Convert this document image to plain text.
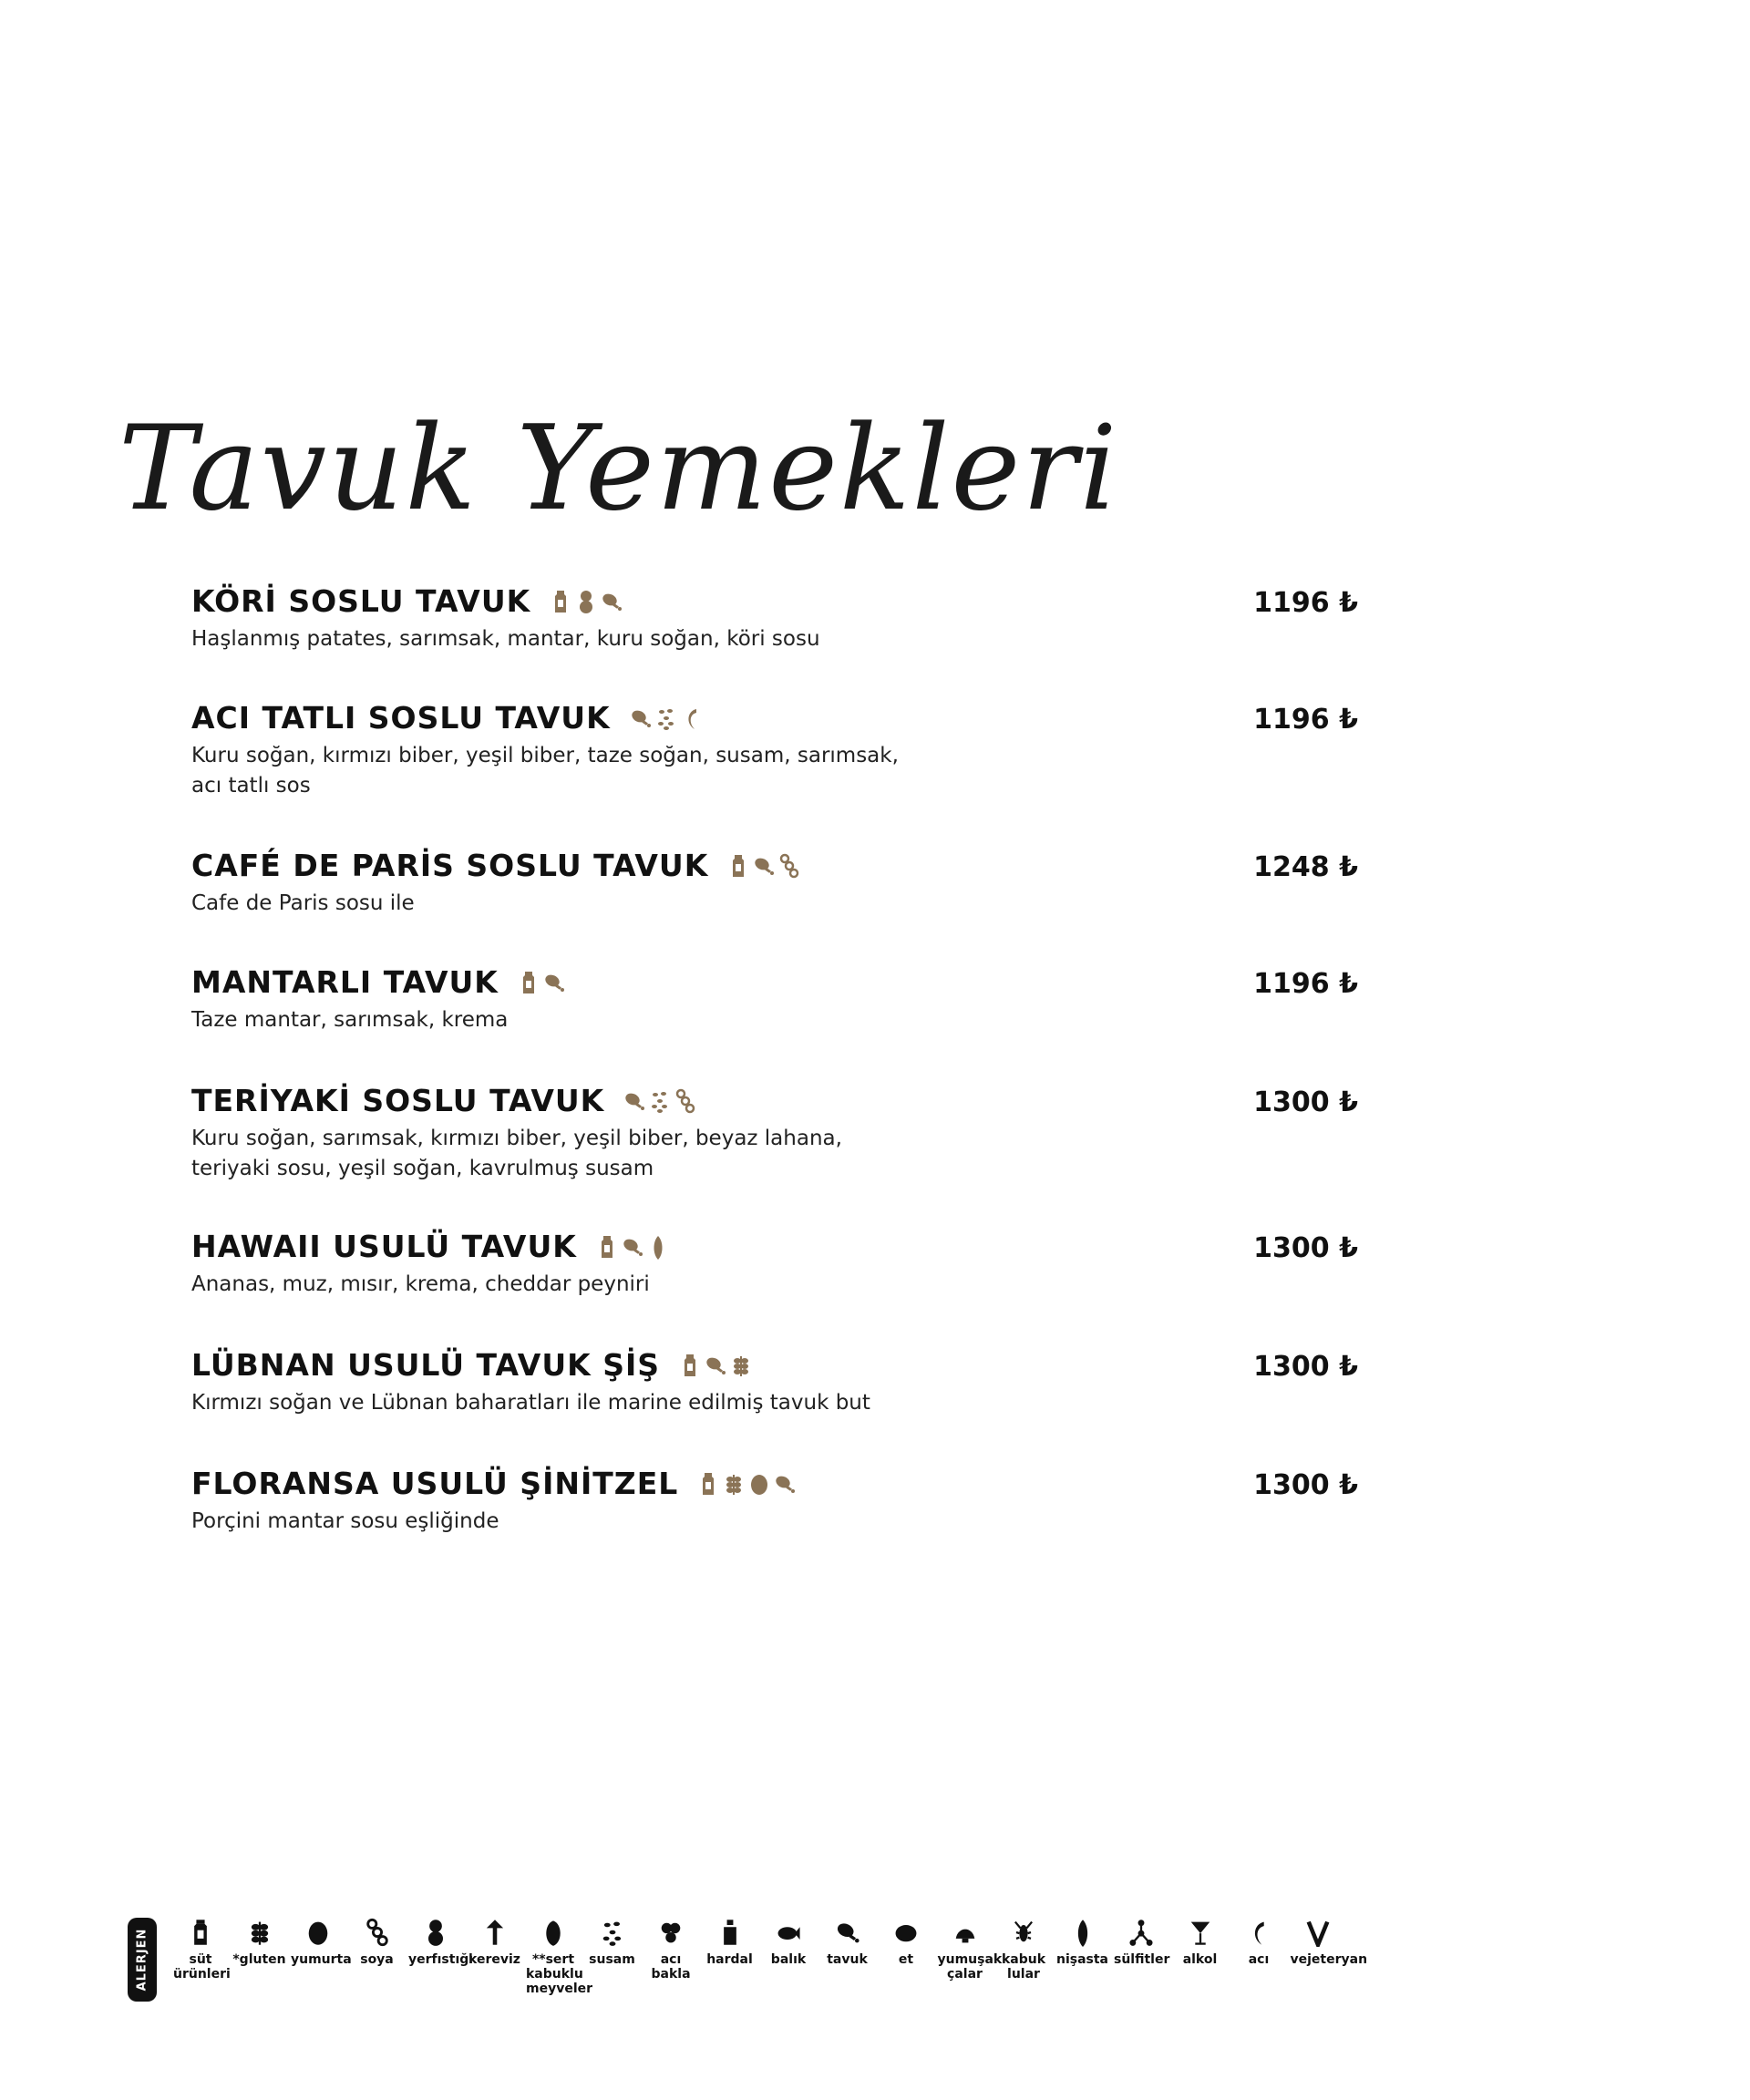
Tavuk Yemekleri
KÖRİ SOSLU TAVUK	1196 ₺
Haşlanmış patates, sarımsak, mantar, kuru soğan, köri sosu
ACI TATLI SOSLU TAVUK	1196 ₺
Kuru soğan, kırmızı biber, yeşil biber, taze soğan, susam, sarımsak, acı tatlı sos
CAFÉ DE PARİS SOSLU TAVUK	1248 ₺
Cafe de Paris sosu ile
MANTARLI TAVUK	1196 ₺
Taze mantar, sarımsak, krema
TERİYAKİ SOSLU TAVUK	1300 ₺
Kuru soğan, sarımsak, kırmızı biber, yeşil biber, beyaz lahana, teriyaki sosu, yeşil soğan, kavrulmuş susam
HAWAII USULÜ TAVUK	1300 ₺
Ananas, muz, mısır, krema, cheddar peyniri
LÜBNAN USULÜ TAVUK ŞİŞ	1300 ₺
Kırmızı soğan ve Lübnan baharatları ile marine edilmiş tavuk but
FLORANSA USULÜ ŞİNİTZEL	1300 ₺
Porçini mantar sosu eşliğinde
ALERJEN	süt ürünleri
*gluten yumurta soya	yerfıstığı
kereviz **sert kabuklu meyveler
susam	acı bakla
hardal	balık	tavuk	et	yumuşak çalar
kabuk lular
nişasta sülfitler	alkol	acı	vejeteryan
